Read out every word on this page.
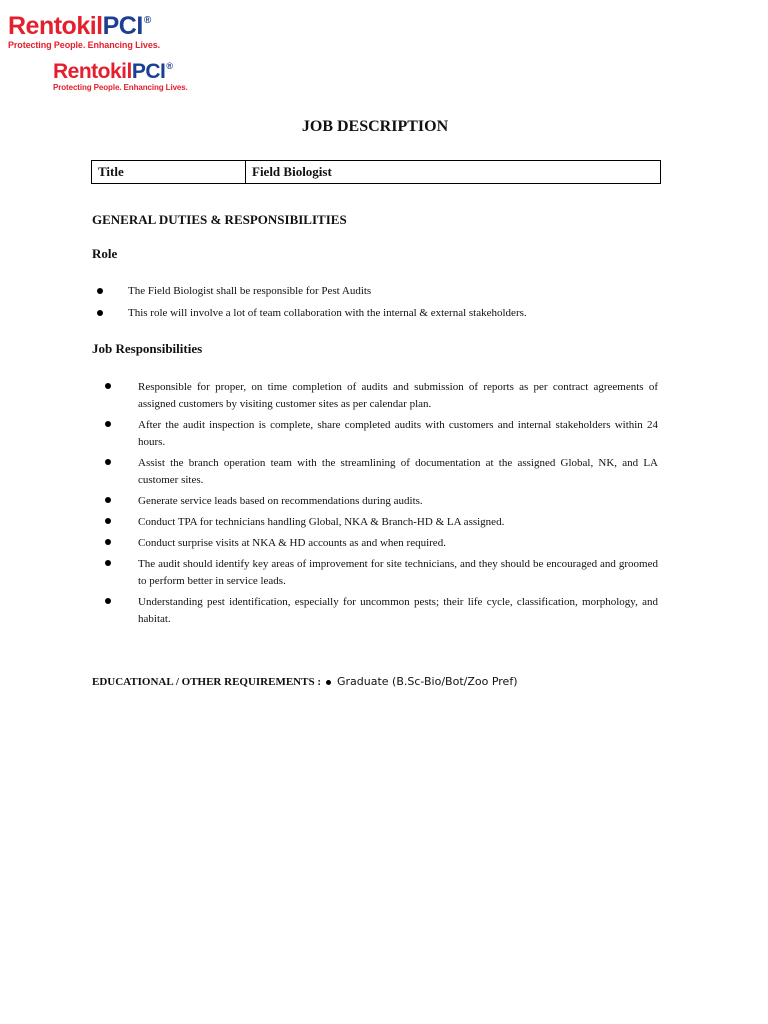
RentokilPCI®
Protecting People. Enhancing Lives.
RentokilPCI®
Protecting People. Enhancing Lives.
JOB DESCRIPTION
Title	Field Biologist
GENERAL DUTIES & RESPONSIBILITIES
Role
The Field Biologist shall be responsible for Pest Audits
This role will involve a lot of team collaboration with the internal & external stakeholders.
Job Responsibilities
Responsible for proper, on time completion of audits and submission of reports as per contract agreements of assigned customers by visiting customer sites as per calendar plan.
After the audit inspection is complete, share completed audits with customers and internal stakeholders within 24 hours.
Assist the branch operation team with the streamlining of documentation at the assigned Global, NK, and LA customer sites.
Generate service leads based on recommendations during audits.
Conduct TPA for technicians handling Global, NKA & Branch-HD & LA assigned.
Conduct surprise visits at NKA & HD accounts as and when required.
The audit should identify key areas of improvement for site technicians, and they should be encouraged and groomed to perform better in service leads.
Understanding pest identification, especially for uncommon pests; their life cycle, classification, morphology, and habitat.
EDUCATIONAL / OTHER REQUIREMENTS : Graduate (B.Sc-Bio/Bot/Zoo Pref)
